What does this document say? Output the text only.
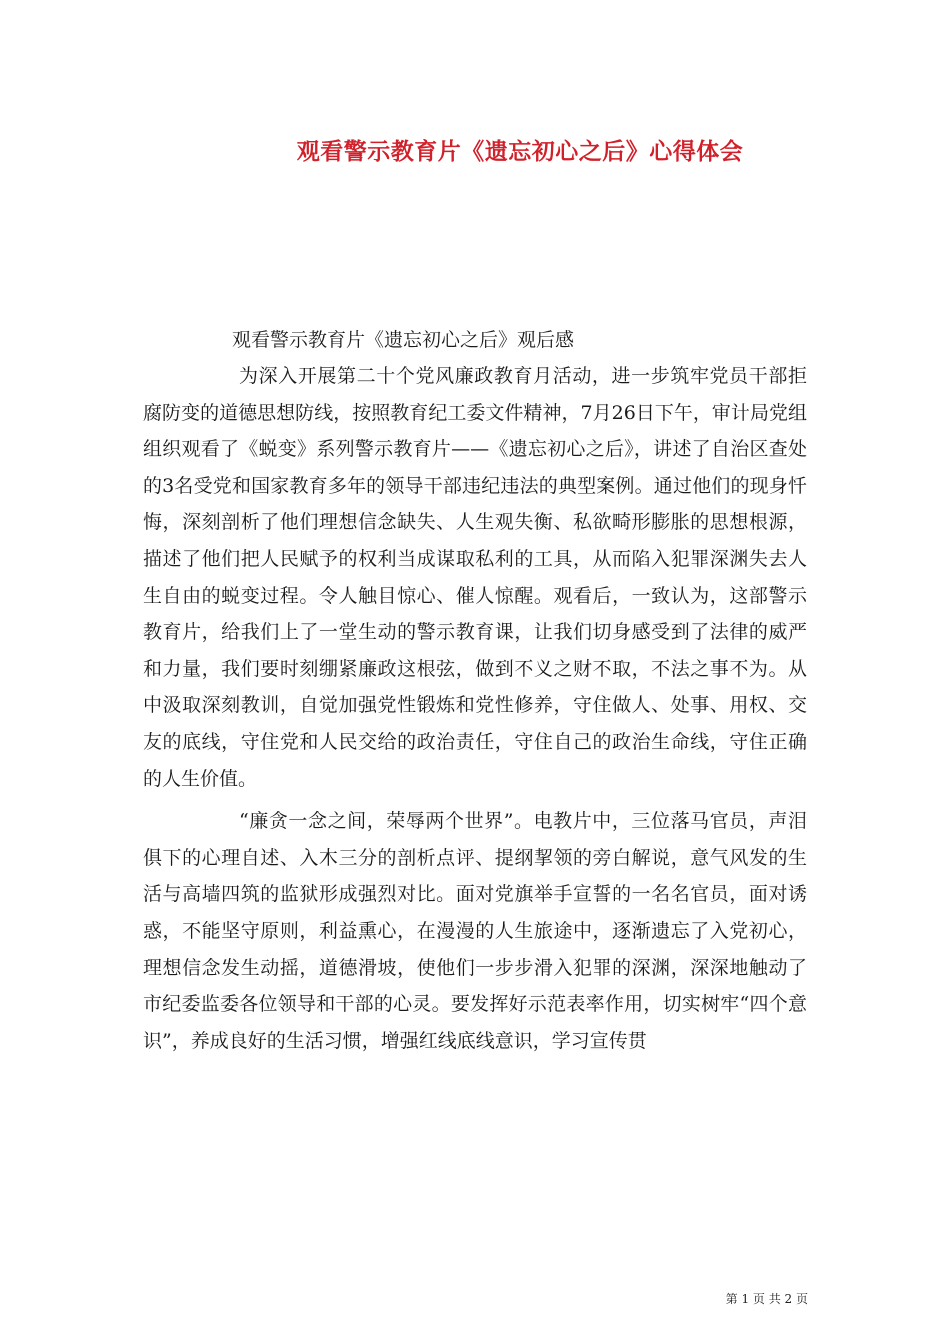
观看警示教育片《遗忘初心之后》心得体会
观看警示教育片《遗忘初心之后》观后感

为深入开展第二十个党风廉政教育月活动，进一步筑牢党员干部拒腐防变的道德思想防线，按照教育纪工委文件精神，7月26日下午，审计局党组组织观看了《蜕变》系列警示教育片——《遗忘初心之后》，讲述了自治区查处的3名受党和国家教育多年的领导干部违纪违法的典型案例。通过他们的现身忏悔，深刻剖析了他们理想信念缺失、人生观失衡、私欲畸形膨胀的思想根源，描述了他们把人民赋予的权利当成谋取私利的工具，从而陷入犯罪深渊失去人生自由的蜕变过程。令人触目惊心、催人惊醒。观看后，一致认为，这部警示教育片，给我们上了一堂生动的警示教育课，让我们切身感受到了法律的威严和力量，我们要时刻绷紧廉政这根弦，做到不义之财不取，不法之事不为。从中汲取深刻教训，自觉加强党性锻炼和党性修养，守住做人、处事、用权、交友的底线，守住党和人民交给的政治责任，守住自己的政治生命线，守住正确的人生价值。

“廉贪一念之间，荣辱两个世界”。电教片中，三位落马官员，声泪俱下的心理自述、入木三分的剖析点评、提纲挈领的旁白解说，意气风发的生活与高墙四筑的监狱形成强烈对比。面对党旗举手宣誓的一名名官员，面对诱惑，不能坚守原则，利益熏心，在漫漫的人生旅途中，逐渐遗忘了入党初心，理想信念发生动摇，道德滑坡，使他们一步步滑入犯罪的深渊，深深地触动了市纪委监委各位领导和干部的心灵。要发挥好示范表率作用，切实树牢“四个意识”，养成良好的生活习惯，增强红线底线意识，学习宣传贯

第 1 页 共 2 页
